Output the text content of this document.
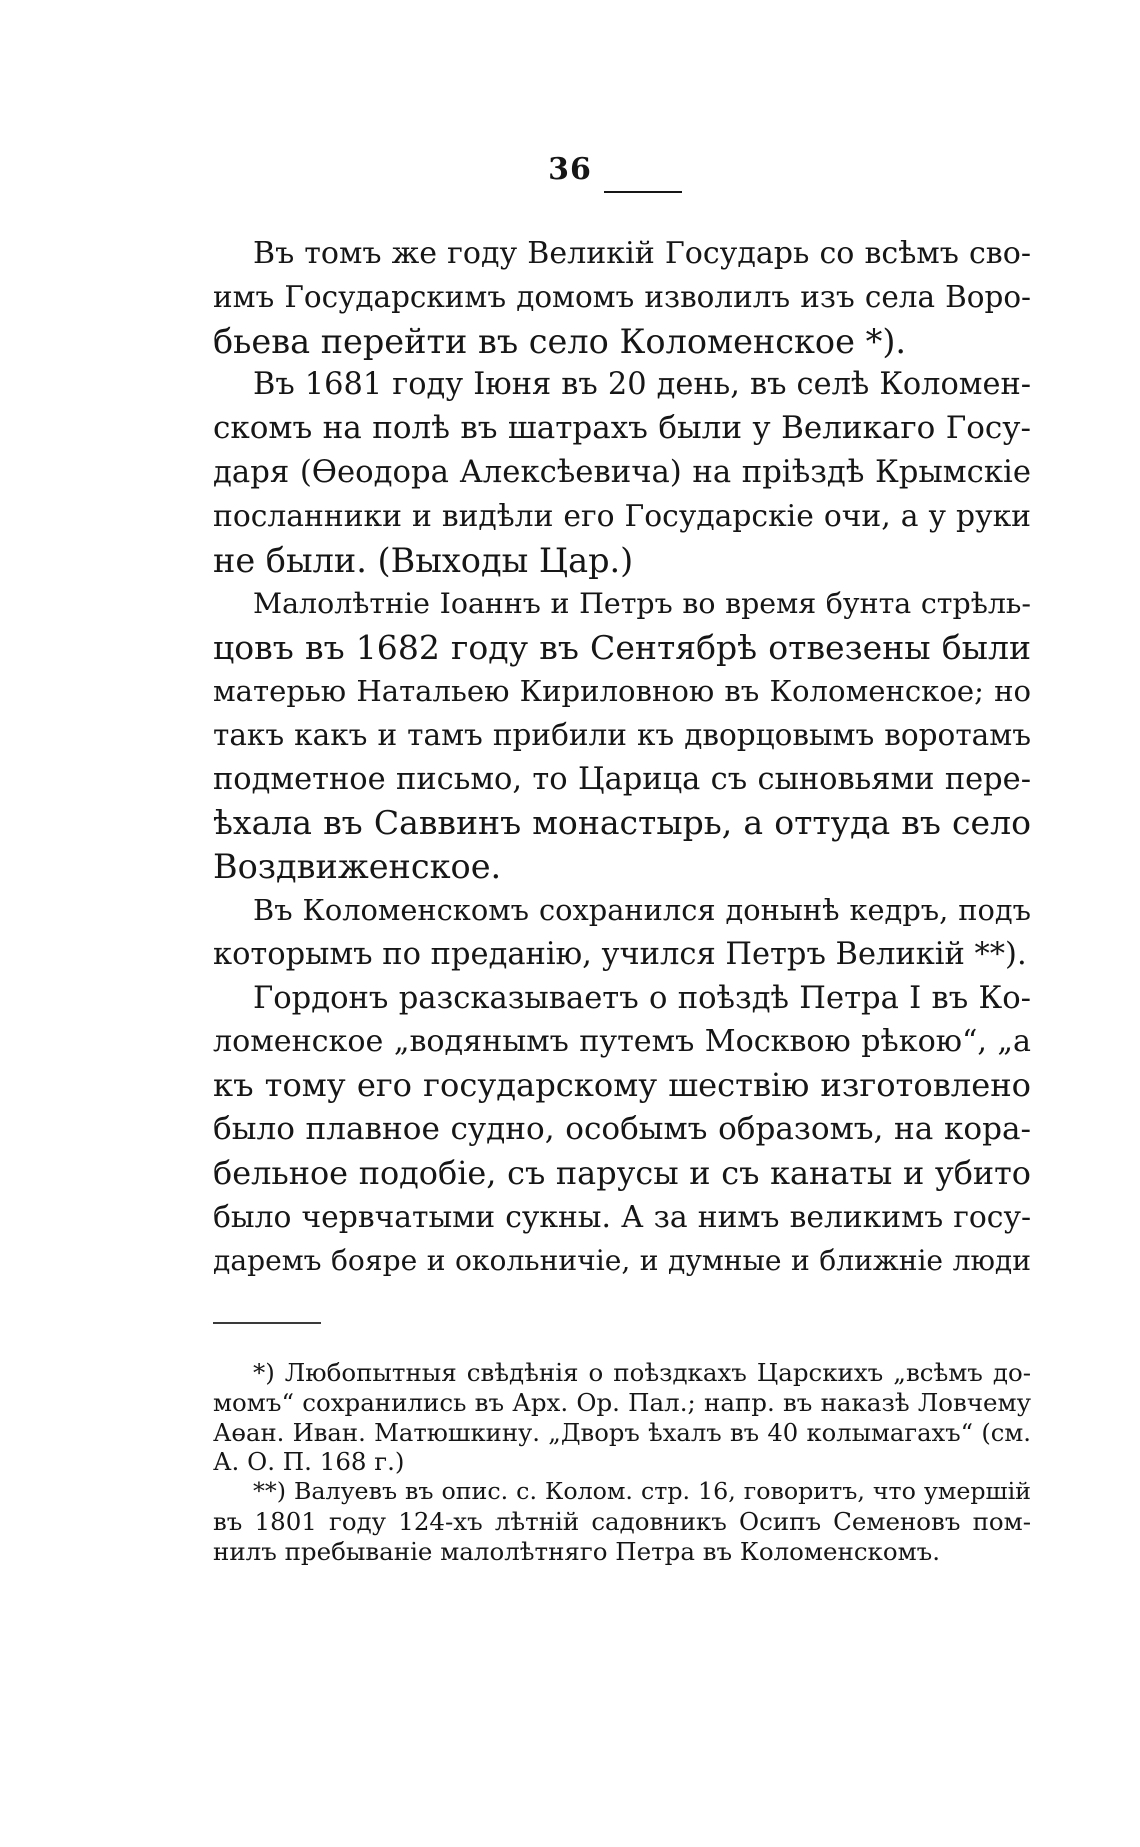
36
Въ томъ же году Великій Государь со всѣмъ сво-
имъ Государскимъ домомъ изволилъ изъ села Воро-
бьева перейти въ село Коломенское *).
Въ 1681 году Іюня въ 20 день, въ селѣ Коломен-
скомъ на полѣ въ шатрахъ были у Великаго Госу-
даря (Өеодора Алексѣевича) на пріѣздѣ Крымскіе
посланники и видѣли его Государскіе очи, а у руки
не были. (Выходы Цар.)
Малолѣтніе Іоаннъ и Петръ во время бунта стрѣль-
цовъ въ 1682 году въ Сентябрѣ отвезены были
матерью Натальею Кириловною въ Коломенское; но
такъ какъ и тамъ прибили къ дворцовымъ воротамъ
подметное письмо, то Царица съ сыновьями пере-
ѣхала въ Саввинъ монастырь, а оттуда въ село
Воздвиженское.
Въ Коломенскомъ сохранился донынѣ кедръ, подъ
которымъ по преданію, учился Петръ Великій **).
Гордонъ разсказываетъ о поѣздѣ Петра І въ Ко-
ломенское „водянымъ путемъ Москвою рѣкою“, „а
къ тому его государскому шествію изготовлено
было плавное судно, особымъ образомъ, на кора-
бельное подобіе, съ парусы и съ канаты и убито
было червчатыми сукны. А за нимъ великимъ госу-
даремъ бояре и окольничіе, и думные и ближніе люди
*) Любопытныя свѣдѣнія о поѣздкахъ Царскихъ „всѣмъ до-
момъ“ сохранились въ Арх. Ор. Пал.; напр. въ наказѣ Ловчему
Аөан. Иван. Матюшкину. „Дворъ ѣхалъ въ 40 колымагахъ“ (см.
А. О. П. 168 г.)
**) Валуевъ въ опис. с. Колом. стр. 16, говоритъ, что умершій
въ 1801 году 124-хъ лѣтній садовникъ Осипъ Семеновъ пом-
нилъ пребываніе малолѣтняго Петра въ Коломенскомъ.
